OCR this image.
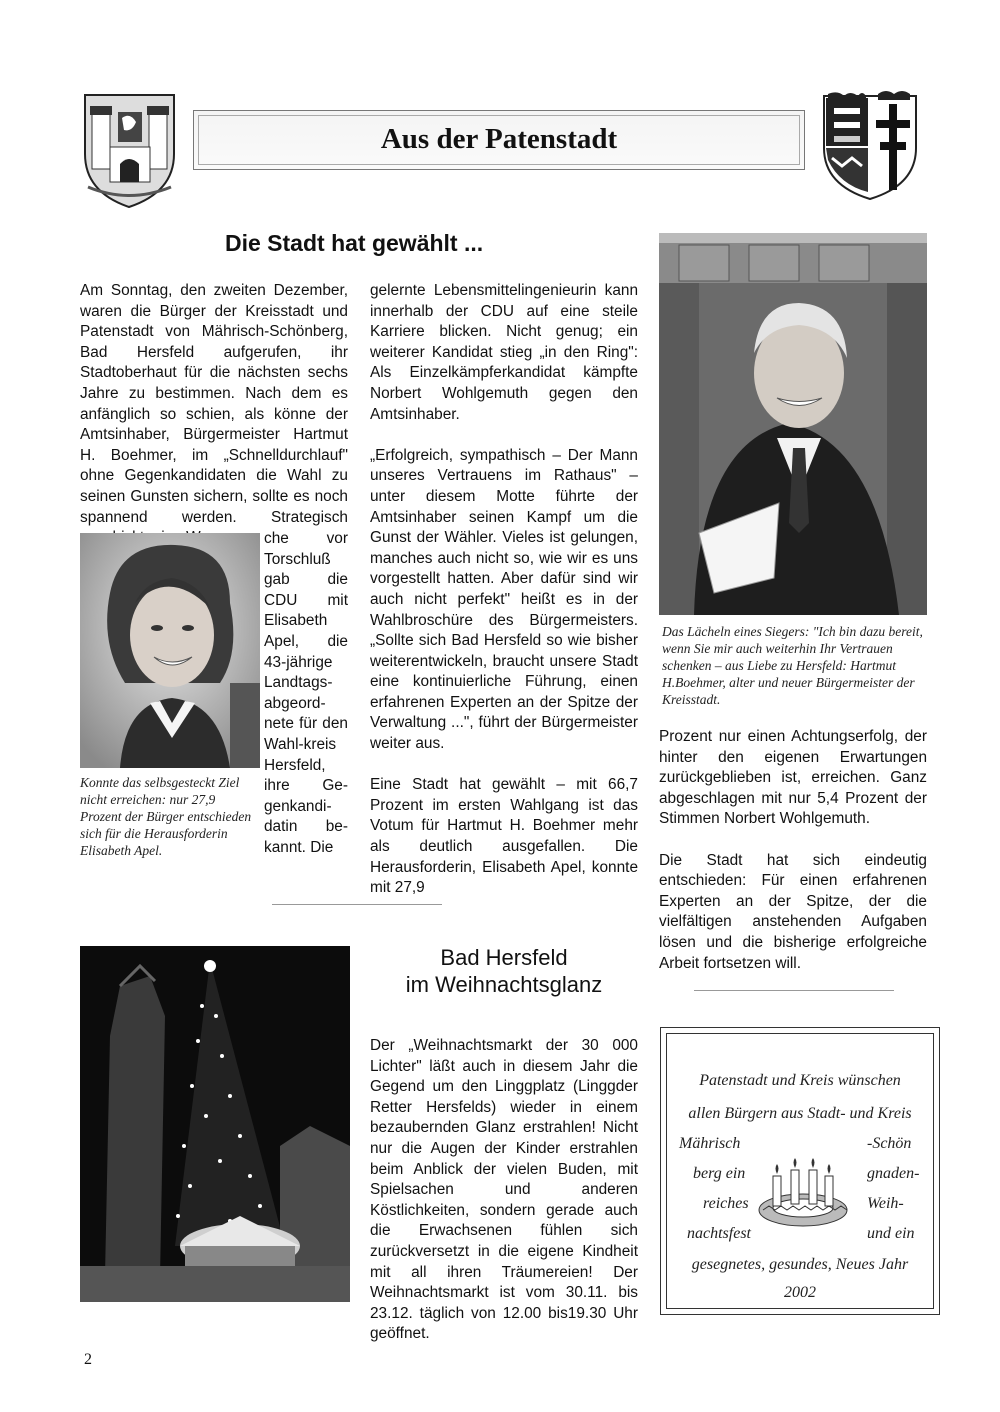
Aus der Patenstadt
Die Stadt hat gewählt ...
Am Sonntag, den zweiten Dezember, waren die Bürger der Kreisstadt und Patenstadt von Mährisch-Schönberg, Bad Hersfeld aufgerufen, ihr Stadtoberhaut für die nächsten sechs Jahre zu bestimmen. Nach dem es anfänglich so schien, als könne der Amtsinhaber, Bürgermeister Hartmut H. Boehmer, im „Schnelldurchlauf" ohne Gegenkandidaten die Wahl zu seinen Gunsten sichern, sollte es noch spannend werden. Strategisch
che vor Torschluß gab die CDU mit Elisabeth Apel, die 43-jährige Landtags-abgeord-nete für den Wahl-kreis Hersfeld, ihre Ge-genkandi-datin be-kannt. Die
Konnte das selbsgesteckt Ziel nicht erreichen: nur 27,9 Prozent der Bürger entschieden sich für die Herausforderin Elisabeth Apel.

gelernte Lebensmittelingenieurin kann innerhalb der CDU auf eine steile Karriere blicken. Nicht genug; ein weiterer Kandidat stieg „in den Ring": Als Einzelkämpferkandidat kämpfte Norbert Wohlgemuth gegen den Amtsinhaber.

„Erfolgreich, sympathisch – Der Mann unseres Vertrauens im Rathaus" – unter diesem Motte führte der Amtsinhaber seinen Kampf um die Gunst der Wähler. Vieles ist gelungen, manches auch nicht so, wie wir es uns vorgestellt hatten. Aber dafür sind wir auch nicht perfekt" heißt es in der Wahlbroschüre des Bürgermeisters. „Sollte sich Bad Hersfeld so wie bisher weiterentwickeln, braucht unsere Stadt eine kontinuierliche Führung, einen erfahrenen Experten an der Spitze der Verwaltung ...", führt der Bürgermeister weiter aus.

Eine Stadt hat gewählt – mit 66,7 Prozent im ersten Wahlgang ist das Votum für Hartmut H. Boehmer mehr als deutlich ausgefallen. Die Herausforderin, Elisabeth Apel, konnte mit 27,9

Das Lächeln eines Siegers: "Ich bin dazu bereit, wenn Sie mir auch weiterhin Ihr Vertrauen schenken – aus Liebe zu Hersfeld: Hartmut H.Boehmer, alter und neuer Bürgermeister der Kreisstadt.

Prozent nur einen Achtungserfolg, der hinter den eigenen Erwartungen zurückgeblieben ist, erreichen. Ganz abgeschlagen mit nur 5,4 Prozent der Stimmen Norbert Wohlgemuth.

Die Stadt hat sich eindeutig entschieden: Für einen erfahrenen Experten an der Spitze, der die vielfältigen anstehenden Aufgaben lösen und die bisherige erfolgreiche Arbeit fortsetzen will.

Bad Hersfeld
im Weihnachtsglanz

Der „Weihnachtsmarkt der 30 000 Lichter" läßt auch in diesem Jahr die Gegend um den Linggplatz (Linggder Retter Hersfelds) wieder in einem bezaubernden Glanz erstrahlen! Nicht nur die Augen der Kinder erstrahlen beim Anblick der vielen Buden, mit Spielsachen und anderen Köstlichkeiten, sondern gerade auch die Erwachsenen fühlen sich zurückversetzt in die eigene Kindheit mit all ihren Träumereien! Der Weihnachtsmarkt ist vom 30.11. bis 23.12. täglich von 12.00 bis19.30 Uhr geöffnet.

Patenstadt und Kreis wünschen
allen Bürgern aus Stadt- und Kreis
Mährisch	-Schön
berg ein	gnaden-
reiches	Weih-
nachtsfest	und ein
gesegnetes, gesundes, Neues Jahr
2002
2
